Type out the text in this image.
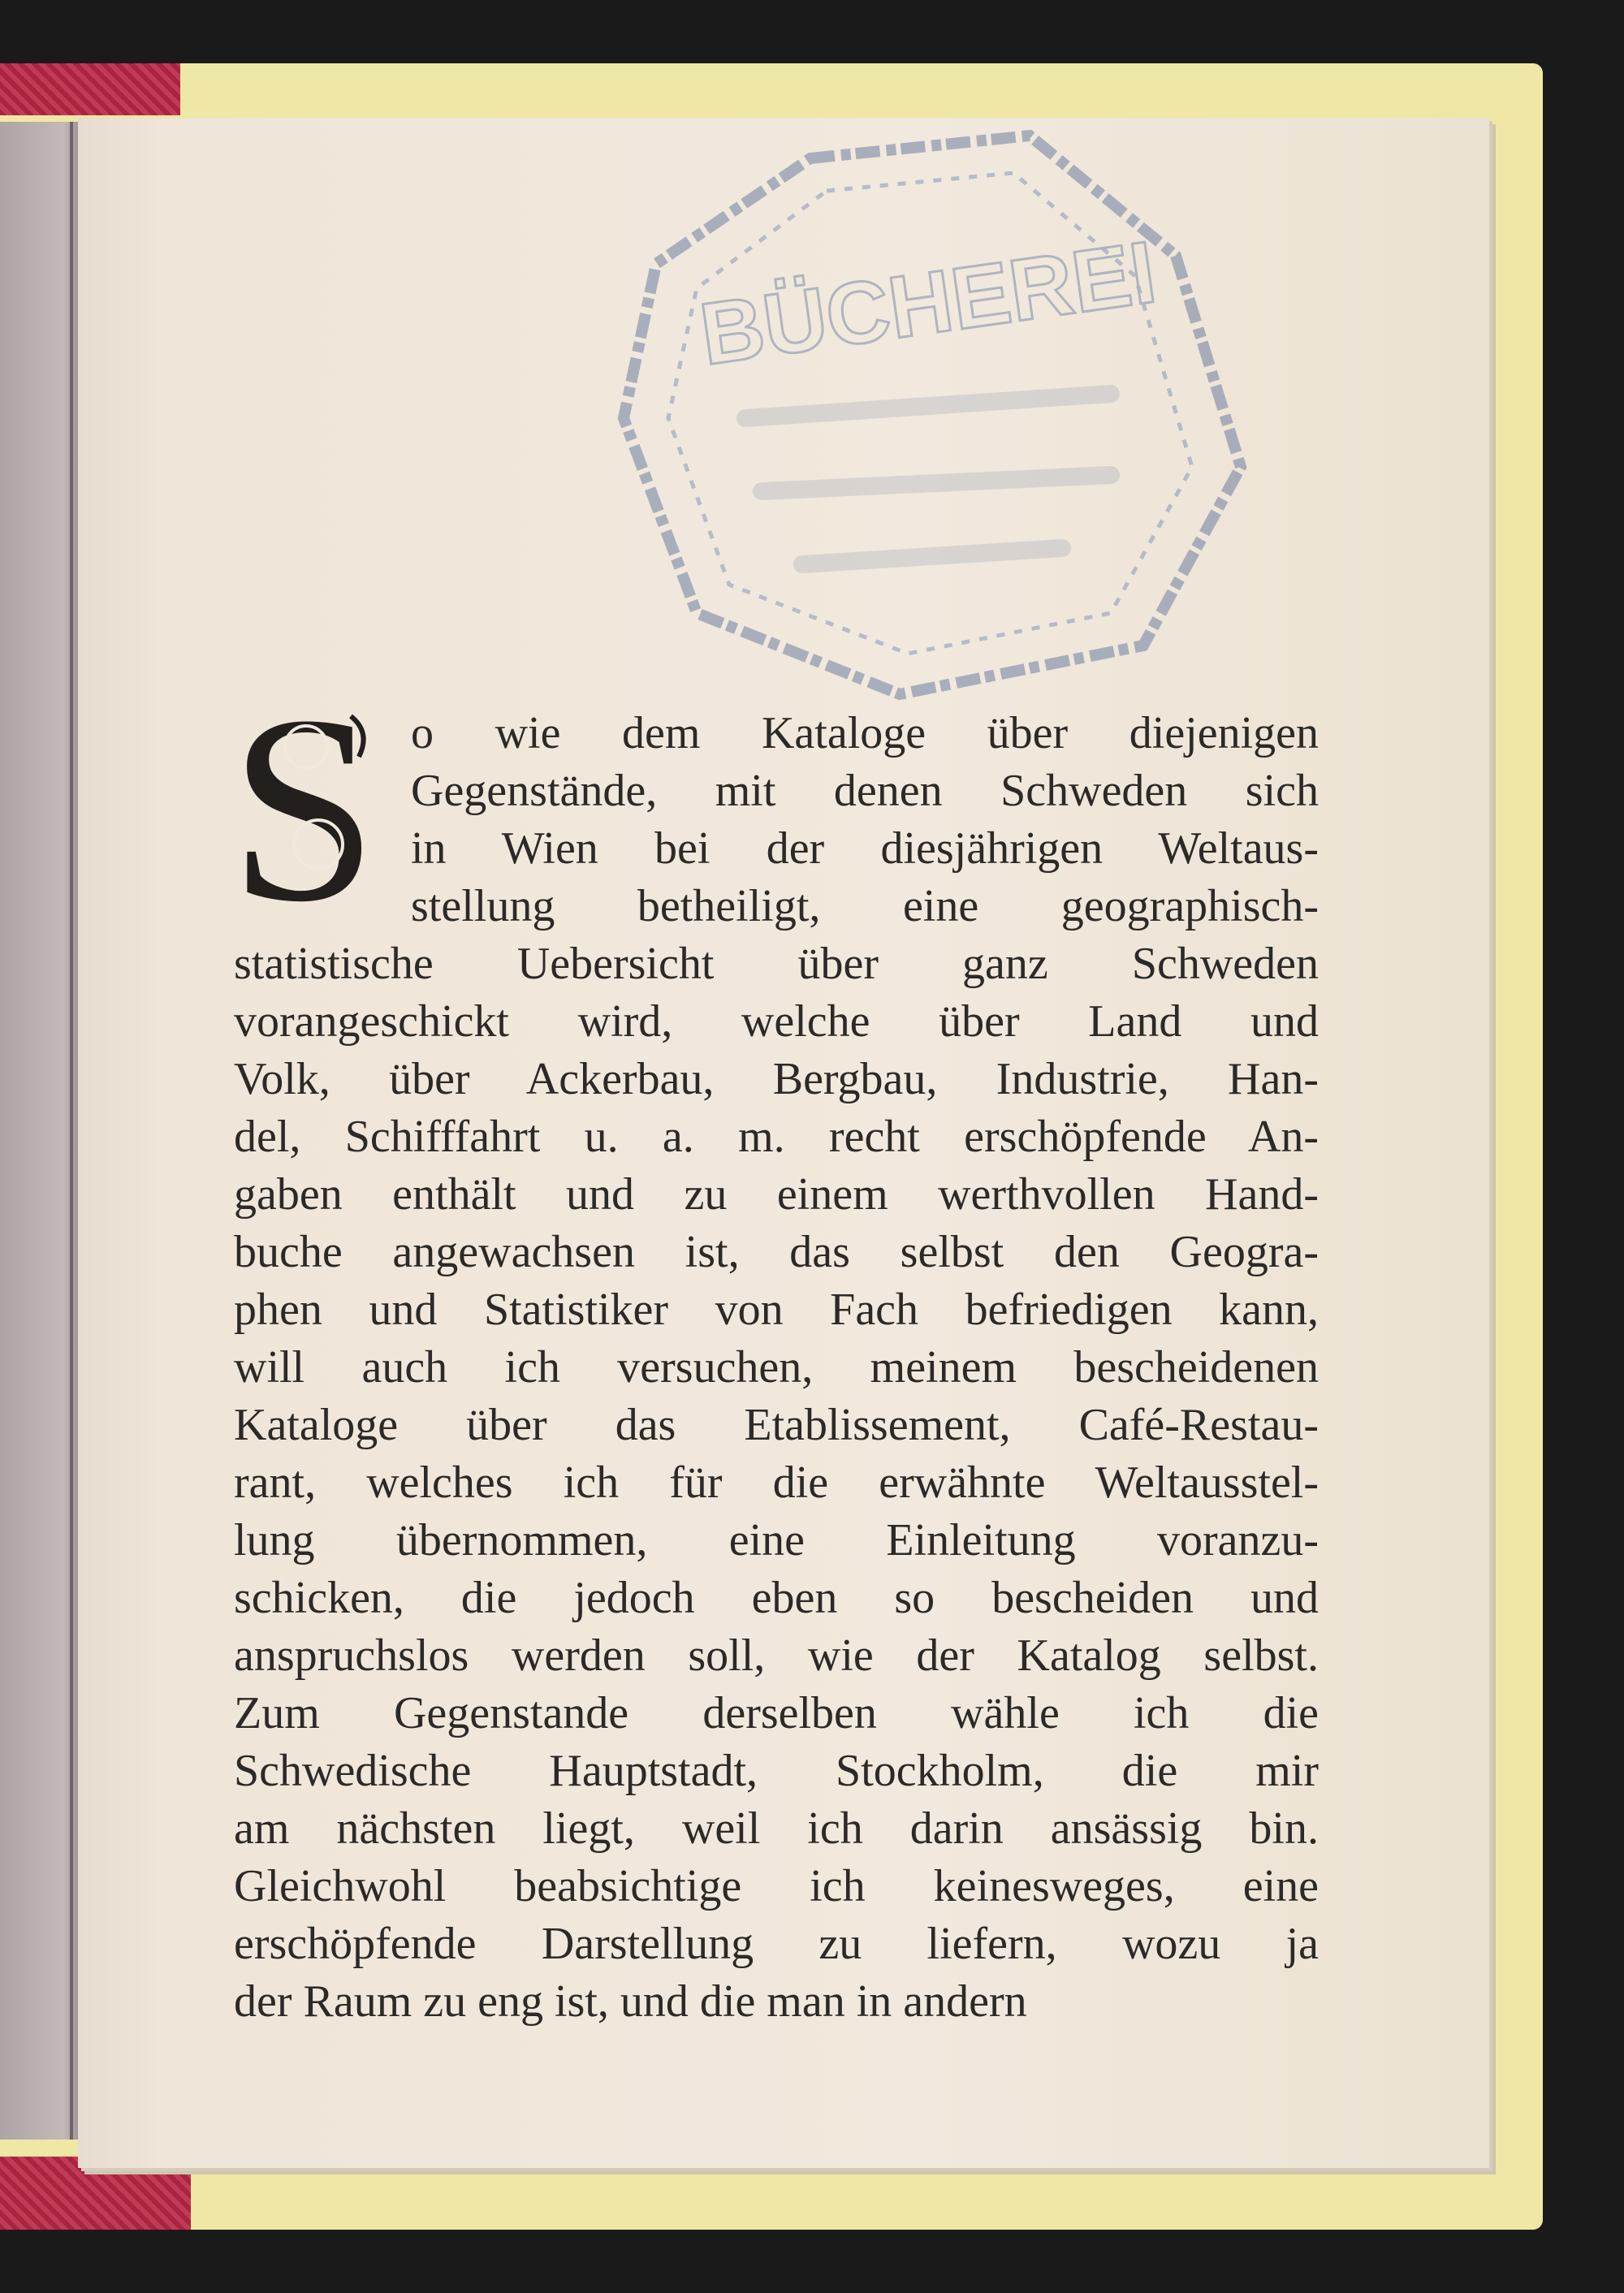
BÜCHEREI
S o wie dem Kataloge über diejenigen
Gegenstände, mit denen Schweden sich
in Wien bei der diesjährigen Weltaus-
stellung betheiligt, eine geographisch-
statistische Uebersicht über ganz Schweden
vorangeschickt wird, welche über Land und
Volk, über Ackerbau, Bergbau, Industrie, Han-
del, Schifffahrt u. a. m. recht erschöpfende An-
gaben enthält und zu einem werthvollen Hand-
buche angewachsen ist, das selbst den Geogra-
phen und Statistiker von Fach befriedigen kann,
will auch ich versuchen, meinem bescheidenen
Kataloge über das Etablissement, Café-Restau-
rant, welches ich für die erwähnte Weltausstel-
lung übernommen, eine Einleitung voranzu-
schicken, die jedoch eben so bescheiden und
anspruchslos werden soll, wie der Katalog selbst.
Zum Gegenstande derselben wähle ich die
Schwedische Hauptstadt, Stockholm, die mir
am nächsten liegt, weil ich darin ansässig bin.
Gleichwohl beabsichtige ich keinesweges, eine
erschöpfende Darstellung zu liefern, wozu ja
der Raum zu eng ist, und die man in andern
